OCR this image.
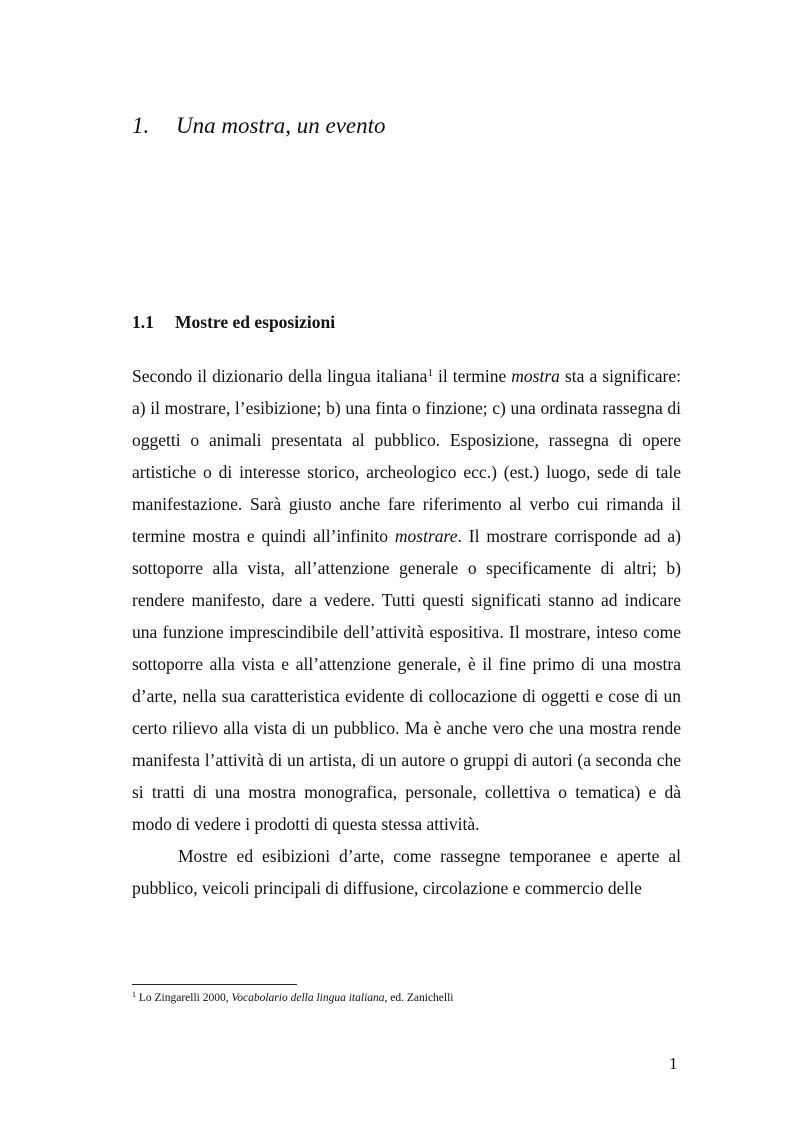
1. Una mostra, un evento
1.1 Mostre ed esposizioni

Secondo il dizionario della lingua italiana$^1$ il termine mostra sta a significare: a) il mostrare, l’esibizione; b) una finta o finzione; c) una ordinata rassegna di oggetti o animali presentata al pubblico. Esposizione, rassegna di opere artistiche o di interesse storico, archeologico ecc.) (est.) luogo, sede di tale manifestazione. Sarà giusto anche fare riferimento al verbo cui rimanda il termine mostra e quindi all’infinito mostrare. Il mostrare corrisponde ad a) sottoporre alla vista, all’attenzione generale o specificamente di altri; b) rendere manifesto, dare a vedere. Tutti questi significati stanno ad indicare una funzione imprescindibile dell’attività espositiva. Il mostrare, inteso come sottoporre alla vista e all’attenzione generale, è il fine primo di una mostra d’arte, nella sua caratteristica evidente di collocazione di oggetti e cose di un certo rilievo alla vista di un pubblico. Ma è anche vero che una mostra rende manifesta l’attività di un artista, di un autore o gruppi di autori (a seconda che si tratti di una mostra monografica, personale, collettiva o tematica) e dà modo di vedere i prodotti di questa stessa attività.

Mostre ed esibizioni d’arte, come rassegne temporanee e aperte al pubblico, veicoli principali di diffusione, circolazione e commercio delle

$^1$ Lo Zingarelli 2000, Vocabolario della lingua italiana, ed. Zanichelli
1
